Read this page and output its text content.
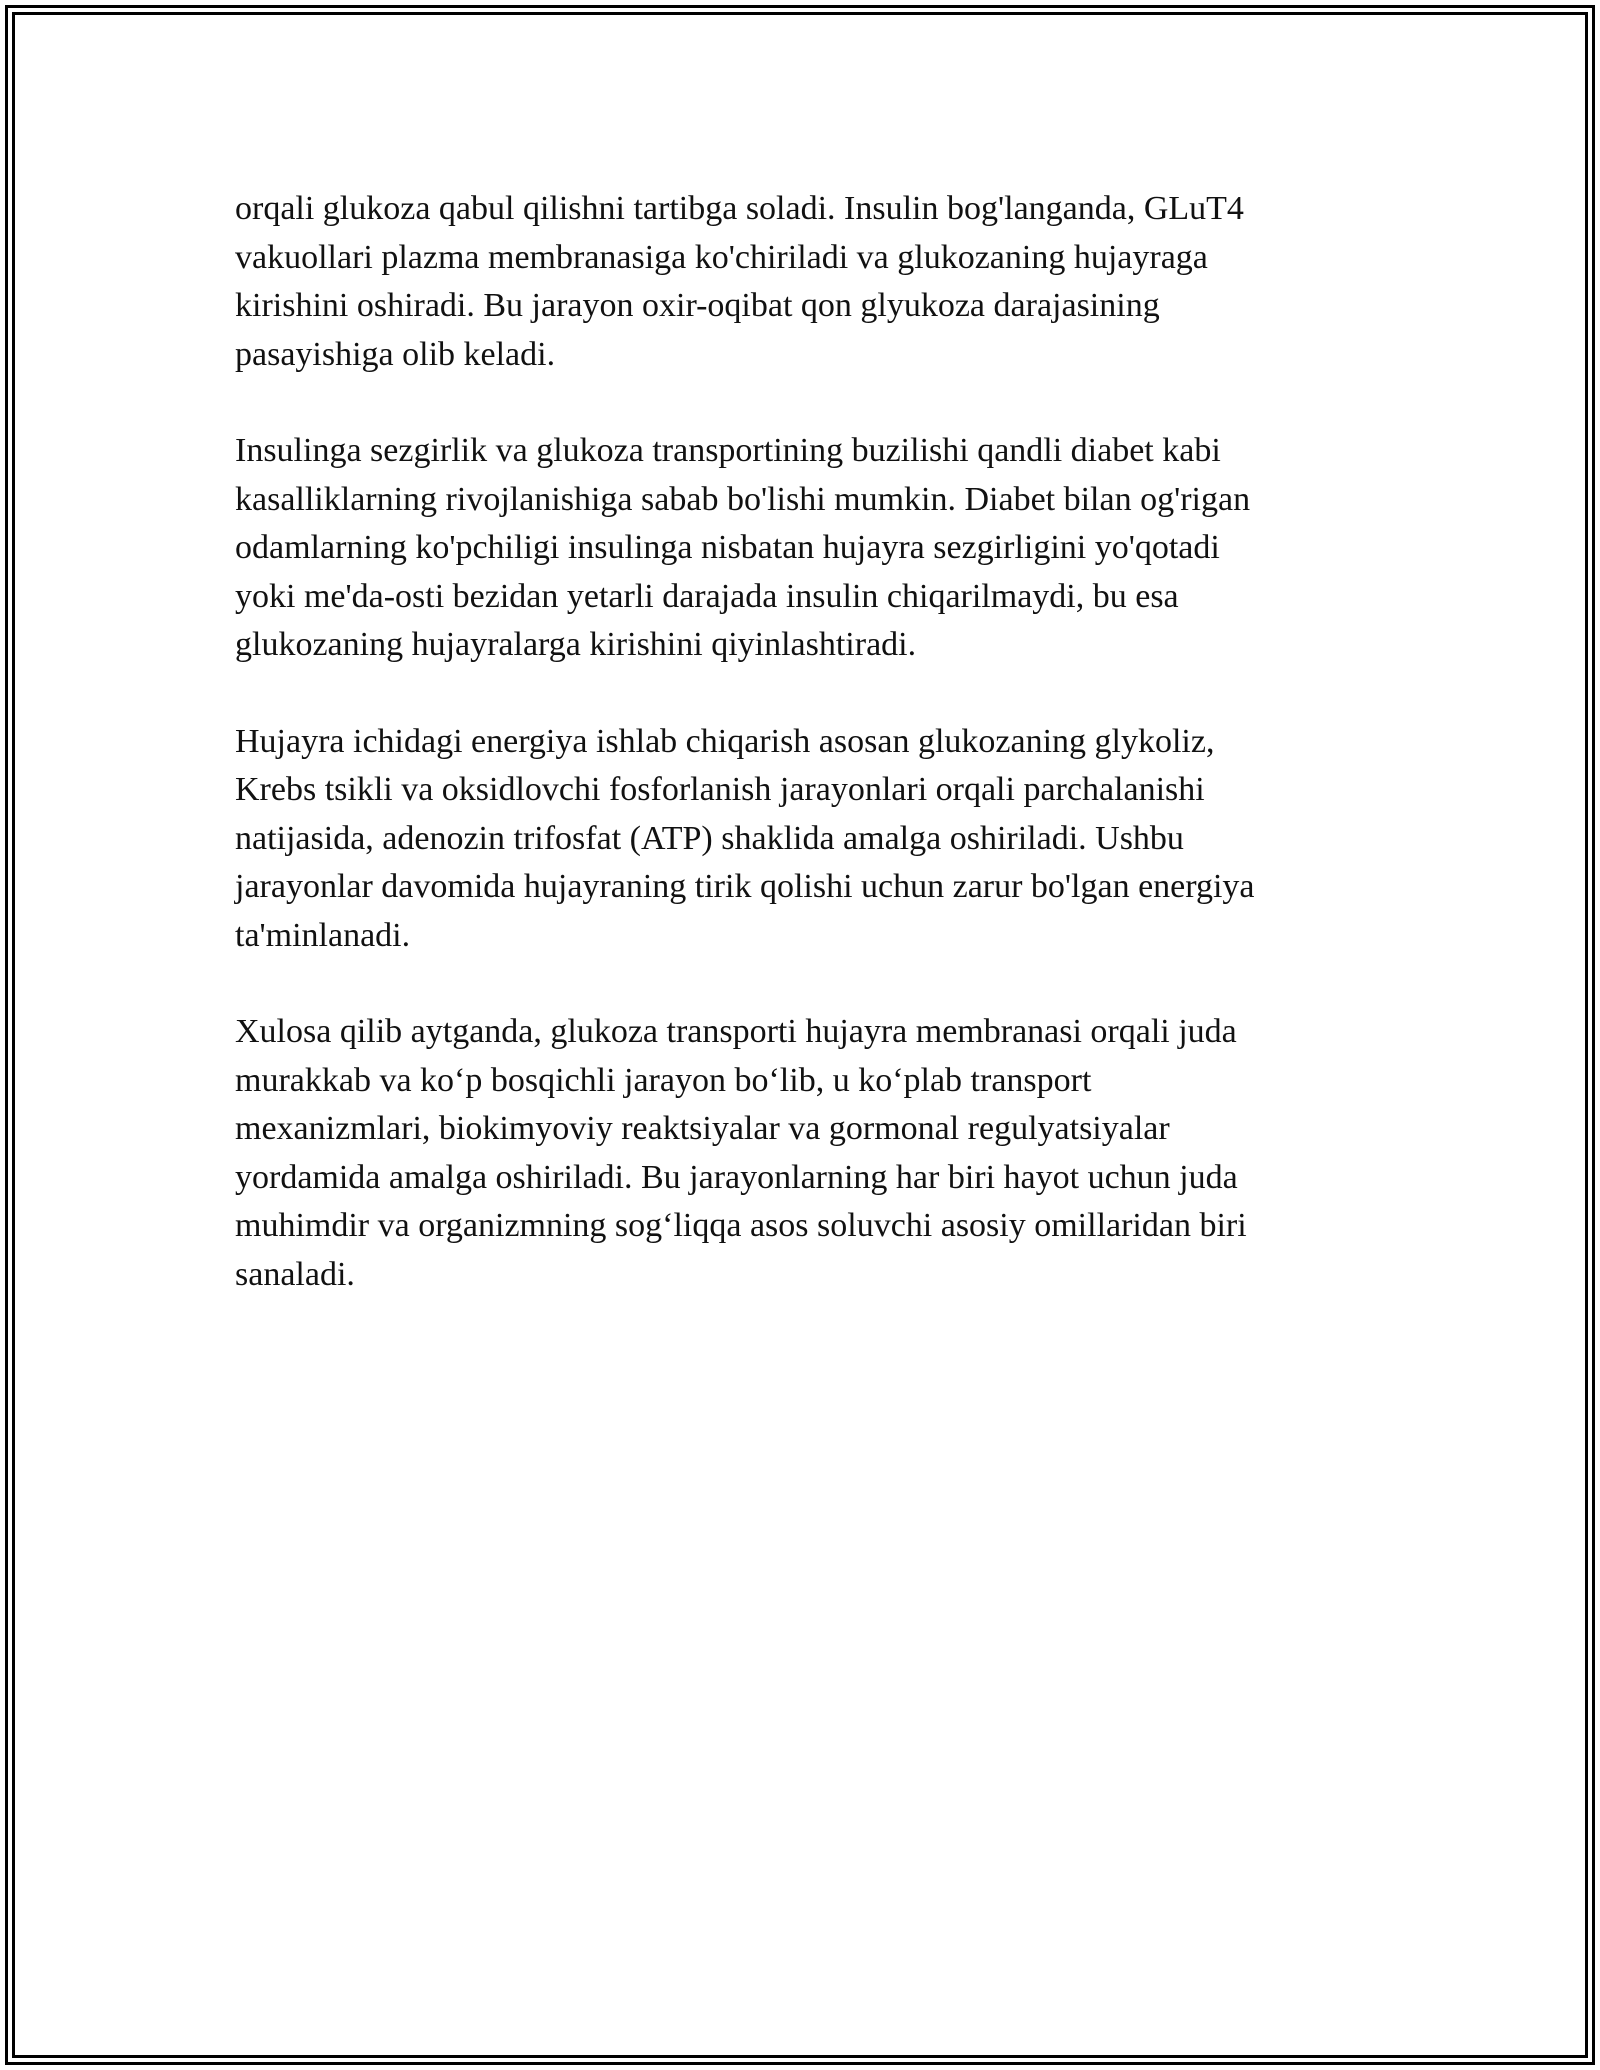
orqali glukoza qabul qilishni tartibga soladi. Insulin bog'langanda, GLuT4
vakuollari plazma membranasiga ko'chiriladi va glukozaning hujayraga
kirishini oshiradi. Bu jarayon oxir-oqibat qon glyukoza darajasining
pasayishiga olib keladi.

Insulinga sezgirlik va glukoza transportining buzilishi qandli diabet kabi
kasalliklarning rivojlanishiga sabab bo'lishi mumkin. Diabet bilan og'rigan
odamlarning ko'pchiligi insulinga nisbatan hujayra sezgirligini yo'qotadi
yoki me'da-osti bezidan yetarli darajada insulin chiqarilmaydi, bu esa
glukozaning hujayralarga kirishini qiyinlashtiradi.

Hujayra ichidagi energiya ishlab chiqarish asosan glukozaning glykoliz,
Krebs tsikli va oksidlovchi fosforlanish jarayonlari orqali parchalanishi
natijasida, adenozin trifosfat (ATP) shaklida amalga oshiriladi. Ushbu
jarayonlar davomida hujayraning tirik qolishi uchun zarur bo'lgan energiya
ta'minlanadi.

Xulosa qilib aytganda, glukoza transporti hujayra membranasi orqali juda
murakkab va ko‘p bosqichli jarayon bo‘lib, u ko‘plab transport
mexanizmlari, biokimyoviy reaktsiyalar va gormonal regulyatsiyalar
yordamida amalga oshiriladi. Bu jarayonlarning har biri hayot uchun juda
muhimdir va organizmning sog‘liqqa asos soluvchi asosiy omillaridan biri
sanaladi.
